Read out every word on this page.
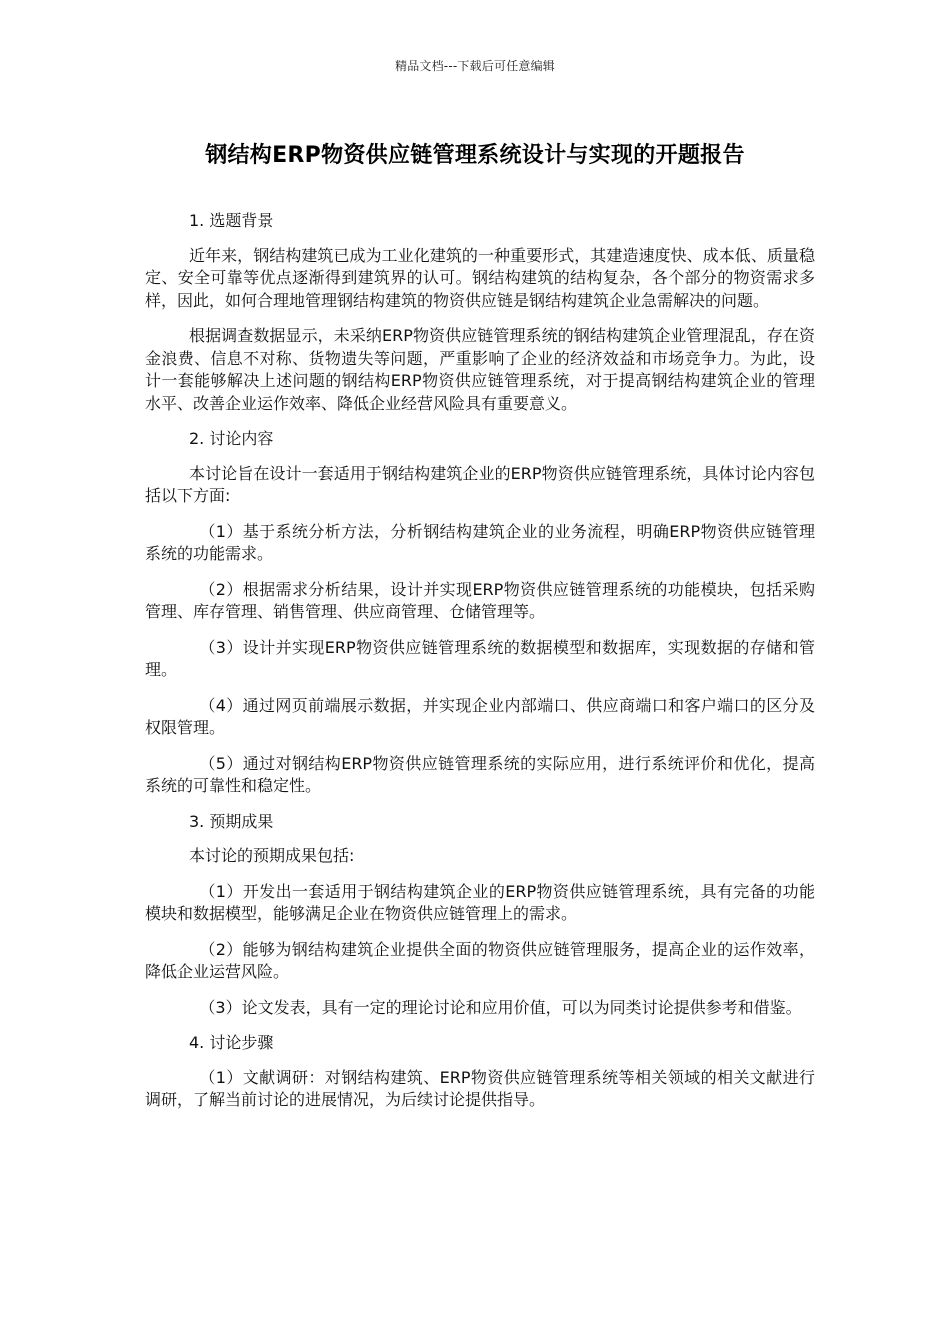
精品文档---下载后可任意编辑
钢结构ERP物资供应链管理系统设计与实现的开题报告

1. 选题背景

近年来，钢结构建筑已成为工业化建筑的一种重要形式，其建造速度快、成本低、质量稳定、安全可靠等优点逐渐得到建筑界的认可。钢结构建筑的结构复杂，各个部分的物资需求多样，因此，如何合理地管理钢结构建筑的物资供应链是钢结构建筑企业急需解决的问题。

根据调查数据显示，未采纳ERP物资供应链管理系统的钢结构建筑企业管理混乱，存在资金浪费、信息不对称、货物遗失等问题，严重影响了企业的经济效益和市场竞争力。为此，设计一套能够解决上述问题的钢结构ERP物资供应链管理系统，对于提高钢结构建筑企业的管理水平、改善企业运作效率、降低企业经营风险具有重要意义。

2. 讨论内容

本讨论旨在设计一套适用于钢结构建筑企业的ERP物资供应链管理系统，具体讨论内容包括以下方面:

（1）基于系统分析方法，分析钢结构建筑企业的业务流程，明确ERP物资供应链管理系统的功能需求。

（2）根据需求分析结果，设计并实现ERP物资供应链管理系统的功能模块，包括采购管理、库存管理、销售管理、供应商管理、仓储管理等。

（3）设计并实现ERP物资供应链管理系统的数据模型和数据库，实现数据的存储和管理。

（4）通过网页前端展示数据，并实现企业内部端口、供应商端口和客户端口的区分及权限管理。

（5）通过对钢结构ERP物资供应链管理系统的实际应用，进行系统评价和优化，提高系统的可靠性和稳定性。

3. 预期成果

本讨论的预期成果包括:

（1）开发出一套适用于钢结构建筑企业的ERP物资供应链管理系统，具有完备的功能模块和数据模型，能够满足企业在物资供应链管理上的需求。

（2）能够为钢结构建筑企业提供全面的物资供应链管理服务，提高企业的运作效率，降低企业运营风险。

（3）论文发表，具有一定的理论讨论和应用价值，可以为同类讨论提供参考和借鉴。

4. 讨论步骤

（1）文献调研：对钢结构建筑、ERP物资供应链管理系统等相关领域的相关文献进行调研，了解当前讨论的进展情况，为后续讨论提供指导。
